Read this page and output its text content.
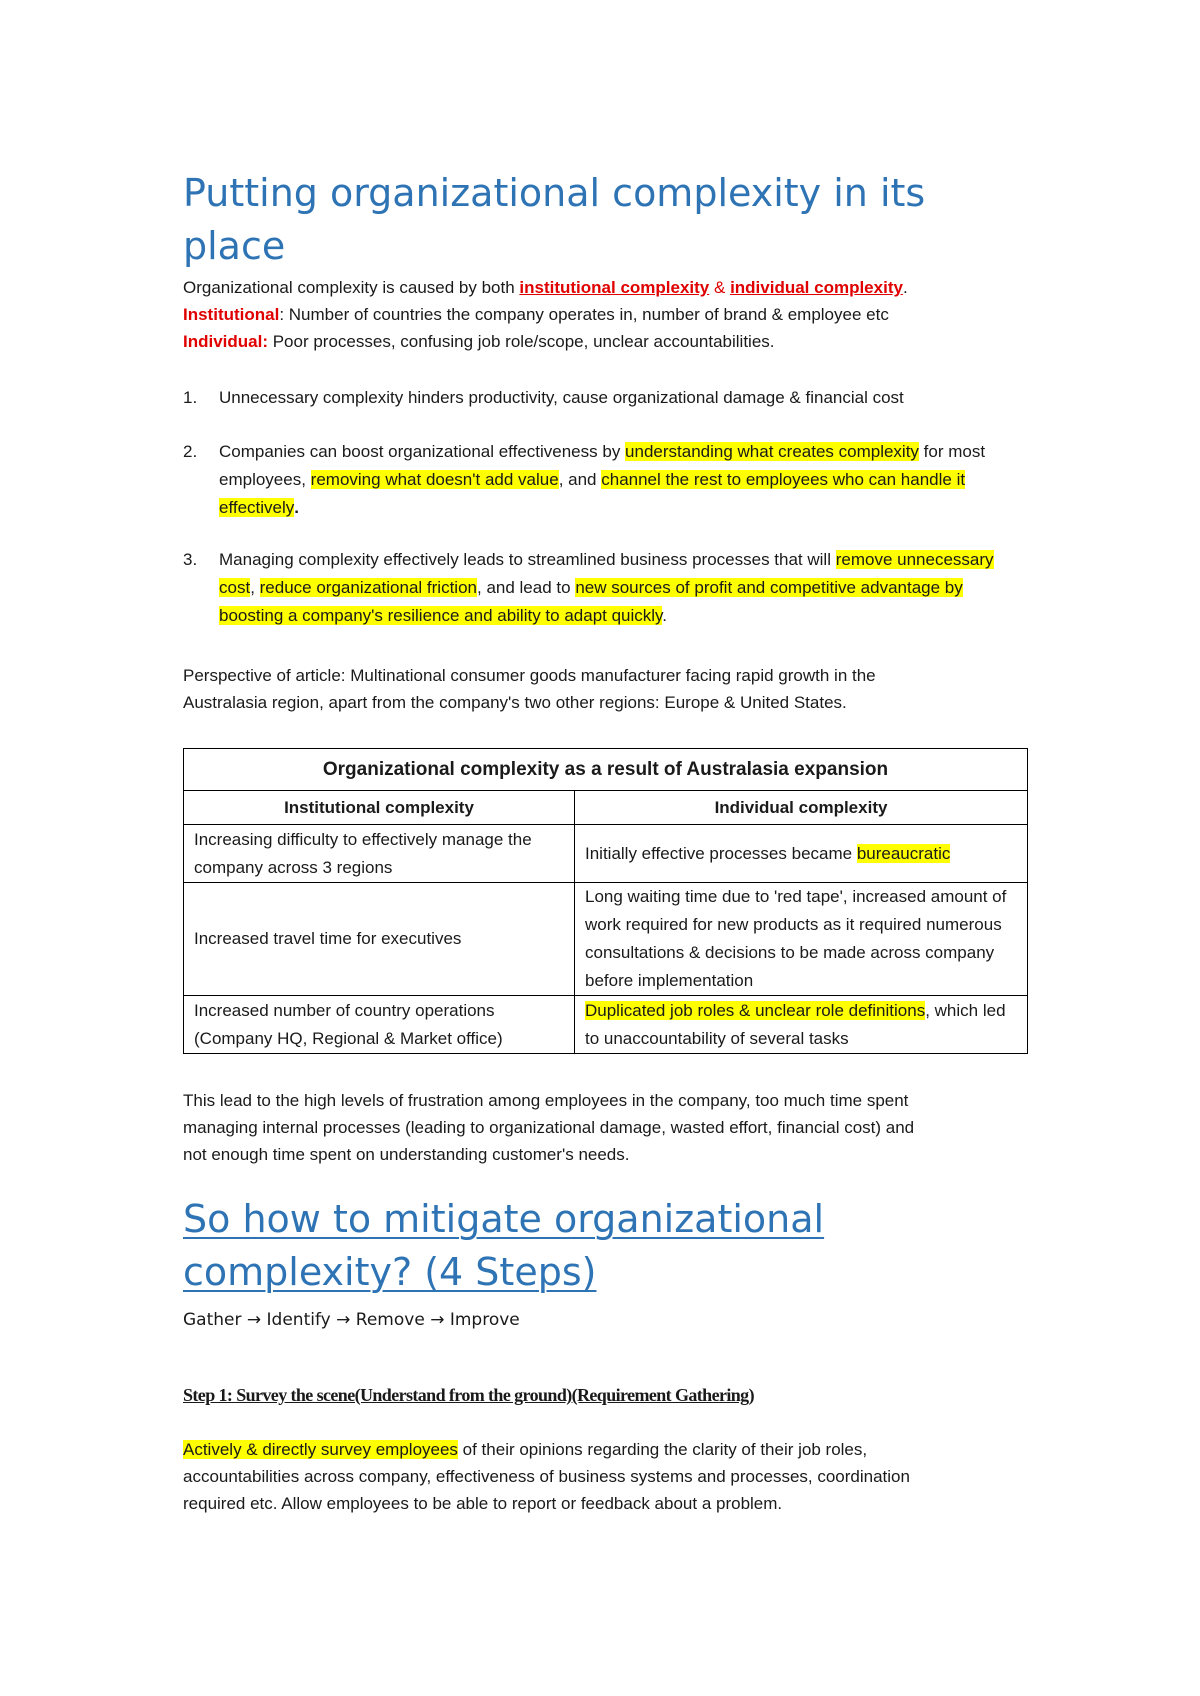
Putting organizational complexity in its place
Organizational complexity is caused by both institutional complexity & individual complexity.
Institutional: Number of countries the company operates in, number of brand & employee etc
Individual: Poor processes, confusing job role/scope, unclear accountabilities.
1. Unnecessary complexity hinders productivity, cause organizational damage & financial cost
2. Companies can boost organizational effectiveness by understanding what creates complexity for most employees, removing what doesn't add value, and channel the rest to employees who can handle it effectively.
3. Managing complexity effectively leads to streamlined business processes that will remove unnecessary cost, reduce organizational friction, and lead to new sources of profit and competitive advantage by boosting a company's resilience and ability to adapt quickly.
Perspective of article: Multinational consumer goods manufacturer facing rapid growth in the
Australasia region, apart from the company's two other regions: Europe & United States.
Organizational complexity as a result of Australasia expansion	
Institutional complexity	Individual complexity
Increasing difficulty to effectively manage the company across 3 regions	Initially effective processes became bureaucratic
Increased travel time for executives	Long waiting time due to 'red tape', increased amount of work required for new products as it required numerous consultations & decisions to be made across company before implementation
Increased number of country operations (Company HQ, Regional & Market office)	Duplicated job roles & unclear role definitions, which led to unaccountability of several tasks
This lead to the high levels of frustration among employees in the company, too much time spent
managing internal processes (leading to organizational damage, wasted effort, financial cost) and
not enough time spent on understanding customer's needs.
So how to mitigate organizational complexity? (4 Steps)
Gather → Identify → Remove → Improve
Step 1: Survey the scene(Understand from the ground)(Requirement Gathering)
Actively & directly survey employees of their opinions regarding the clarity of their job roles,
accountabilities across company, effectiveness of business systems and processes, coordination
required etc. Allow employees to be able to report or feedback about a problem.
